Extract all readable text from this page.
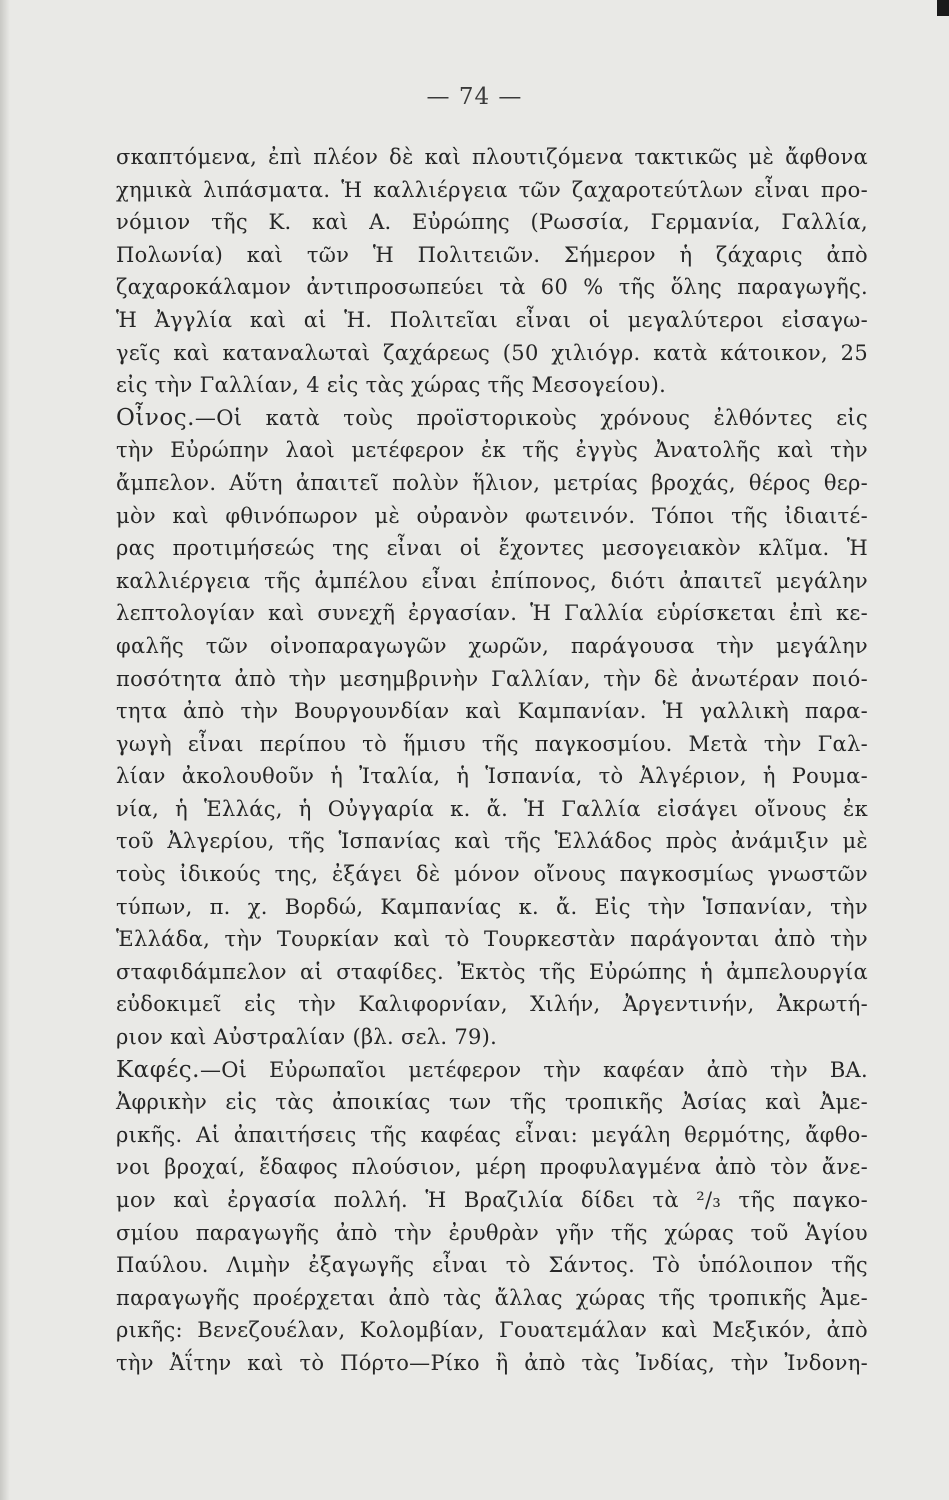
— 74 —
σκαπτόμενα, ἐπὶ πλέον δὲ καὶ πλουτιζόμενα τακτικῶς μὲ ἄφθονα
χημικὰ λιπάσματα. Ἡ καλλιέργεια τῶν ζαχαροτεύτλων εἶναι προ-
νόμιον τῆς Κ. καὶ Α. Εὐρώπης (Ρωσσία, Γερμανία, Γαλλία,
Πολωνία) καὶ τῶν Ἡ Πολιτειῶν. Σήμερον ἡ ζάχαρις ἀπὸ
ζαχαροκάλαμον ἀντιπροσωπεύει τὰ 60 % τῆς ὅλης παραγωγῆς.
Ἡ Ἀγγλία καὶ αἱ Ἡ. Πολιτεῖαι εἶναι οἱ μεγαλύτεροι εἰσαγω-
γεῖς καὶ καταναλωταὶ ζαχάρεως (50 χιλιόγρ. κατὰ κάτοικον, 25
εἰς τὴν Γαλλίαν, 4 εἰς τὰς χώρας τῆς Μεσογείου).
Οἶνος.—Οἱ κατὰ τοὺς προϊστορικοὺς χρόνους ἐλθόντες εἰς
τὴν Εὐρώπην λαοὶ μετέφερον ἐκ τῆς ἐγγὺς Ἀνατολῆς καὶ τὴν
ἄμπελον. Αὕτη ἀπαιτεῖ πολὺν ἥλιον, μετρίας βροχάς, θέρος θερ-
μὸν καὶ φθινόπωρον μὲ οὐρανὸν φωτεινόν. Τόποι τῆς ἰδιαιτέ-
ρας προτιμήσεώς της εἶναι οἱ ἔχοντες μεσογειακὸν κλῖμα. Ἡ
καλλιέργεια τῆς ἀμπέλου εἶναι ἐπίπονος, διότι ἀπαιτεῖ μεγάλην
λεπτολογίαν καὶ συνεχῆ ἐργασίαν. Ἡ Γαλλία εὑρίσκεται ἐπὶ κε-
φαλῆς τῶν οἰνοπαραγωγῶν χωρῶν, παράγουσα τὴν μεγάλην
ποσότητα ἀπὸ τὴν μεσημβρινὴν Γαλλίαν, τὴν δὲ ἀνωτέραν ποιό-
τητα ἀπὸ τὴν Βουργουνδίαν καὶ Καμπανίαν. Ἡ γαλλικὴ παρα-
γωγὴ εἶναι περίπου τὸ ἥμισυ τῆς παγκοσμίου. Μετὰ τὴν Γαλ-
λίαν ἀκολουθοῦν ἡ Ἰταλία, ἡ Ἱσπανία, τὸ Ἀλγέριον, ἡ Ρουμα-
νία, ἡ Ἑλλάς, ἡ Οὐγγαρία κ. ἄ. Ἡ Γαλλία εἰσάγει οἴνους ἐκ
τοῦ Ἀλγερίου, τῆς Ἱσπανίας καὶ τῆς Ἑλλάδος πρὸς ἀνάμιξιν μὲ
τοὺς ἰδικούς της, ἐξάγει δὲ μόνον οἴνους παγκοσμίως γνωστῶν
τύπων, π. χ. Βορδώ, Καμπανίας κ. ἄ. Εἰς τὴν Ἱσπανίαν, τὴν
Ἑλλάδα, τὴν Τουρκίαν καὶ τὸ Τουρκεστὰν παράγονται ἀπὸ τὴν
σταφιδάμπελον αἱ σταφίδες. Ἐκτὸς τῆς Εὐρώπης ἡ ἀμπελουργία
εὐδοκιμεῖ εἰς τὴν Καλιφορνίαν, Χιλήν, Ἀργεντινήν, Ἀκρωτή-
ριον καὶ Αὐστραλίαν (βλ. σελ. 79).
Καφές.—Οἱ Εὐρωπαῖοι μετέφερον τὴν καφέαν ἀπὸ τὴν ΒΑ.
Ἀφρικὴν εἰς τὰς ἀποικίας των τῆς τροπικῆς Ἀσίας καὶ Ἀμε-
ρικῆς. Αἱ ἀπαιτήσεις τῆς καφέας εἶναι: μεγάλη θερμότης, ἄφθο-
νοι βροχαί, ἔδαφος πλούσιον, μέρη προφυλαγμένα ἀπὸ τὸν ἄνε-
μον καὶ ἐργασία πολλή. Ἡ Βραζιλία δίδει τὰ ²/₃ τῆς παγκο-
σμίου παραγωγῆς ἀπὸ τὴν ἐρυθρὰν γῆν τῆς χώρας τοῦ Ἁγίου
Παύλου. Λιμὴν ἐξαγωγῆς εἶναι τὸ Σάντος. Τὸ ὑπόλοιπον τῆς
παραγωγῆς προέρχεται ἀπὸ τὰς ἄλλας χώρας τῆς τροπικῆς Ἀμε-
ρικῆς: Βενεζουέλαν, Κολομβίαν, Γουατεμάλαν καὶ Μεξικόν, ἀπὸ
τὴν Ἀΐτην καὶ τὸ Πόρτο—Ρίκο ἢ ἀπὸ τὰς Ἰνδίας, τὴν Ἰνδονη-
